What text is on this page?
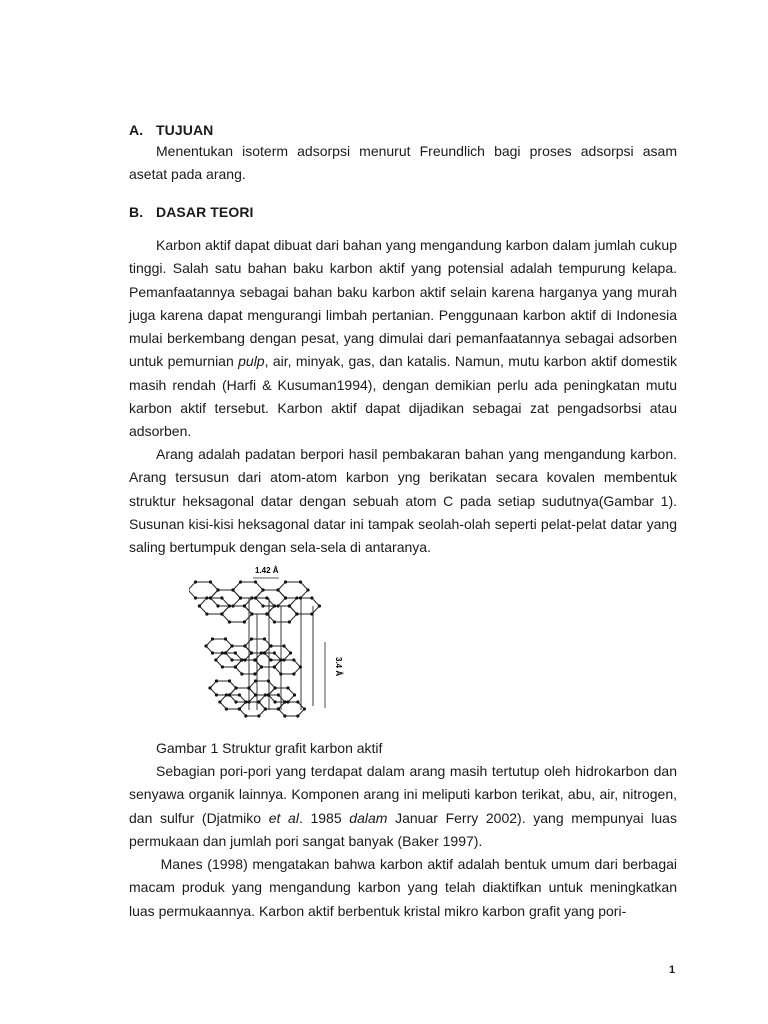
A. TUJUAN

Menentukan isoterm adsorpsi menurut Freundlich bagi proses adsorpsi asam asetat pada arang.

B. DASAR TEORI

Karbon aktif dapat dibuat dari bahan yang mengandung karbon dalam jumlah cukup tinggi. Salah satu bahan baku karbon aktif yang potensial adalah tempurung kelapa. Pemanfaatannya sebagai bahan baku karbon aktif selain karena harganya yang murah juga karena dapat mengurangi limbah pertanian. Penggunaan karbon aktif di Indonesia mulai berkembang dengan pesat, yang dimulai dari pemanfaatannya sebagai adsorben untuk pemurnian pulp, air, minyak, gas, dan katalis. Namun, mutu karbon aktif domestik masih rendah (Harfi & Kusuman1994), dengan demikian perlu ada peningkatan mutu karbon aktif tersebut. Karbon aktif dapat dijadikan sebagai zat pengadsorbsi atau adsorben.

Arang adalah padatan berpori hasil pembakaran bahan yang mengandung karbon. Arang tersusun dari atom-atom karbon yng berikatan secara kovalen membentuk struktur heksagonal datar dengan sebuah atom C pada setiap sudutnya(Gambar 1). Susunan kisi-kisi heksagonal datar ini tampak seolah-olah seperti pelat-pelat datar yang saling bertumpuk dengan sela-sela di antaranya.

1.42 Å
3.4 Å
Gambar 1 Struktur grafit karbon aktif

Sebagian pori-pori yang terdapat dalam arang masih tertutup oleh hidrokarbon dan senyawa organik lainnya. Komponen arang ini meliputi karbon terikat, abu, air, nitrogen, dan sulfur (Djatmiko et al. 1985 dalam Januar Ferry 2002). yang mempunyai luas permukaan dan jumlah pori sangat banyak (Baker 1997).

Manes (1998) mengatakan bahwa karbon aktif adalah bentuk umum dari berbagai macam produk yang mengandung karbon yang telah diaktifkan untuk meningkatkan luas permukaannya. Karbon aktif berbentuk kristal mikro karbon grafit yang pori-

1
